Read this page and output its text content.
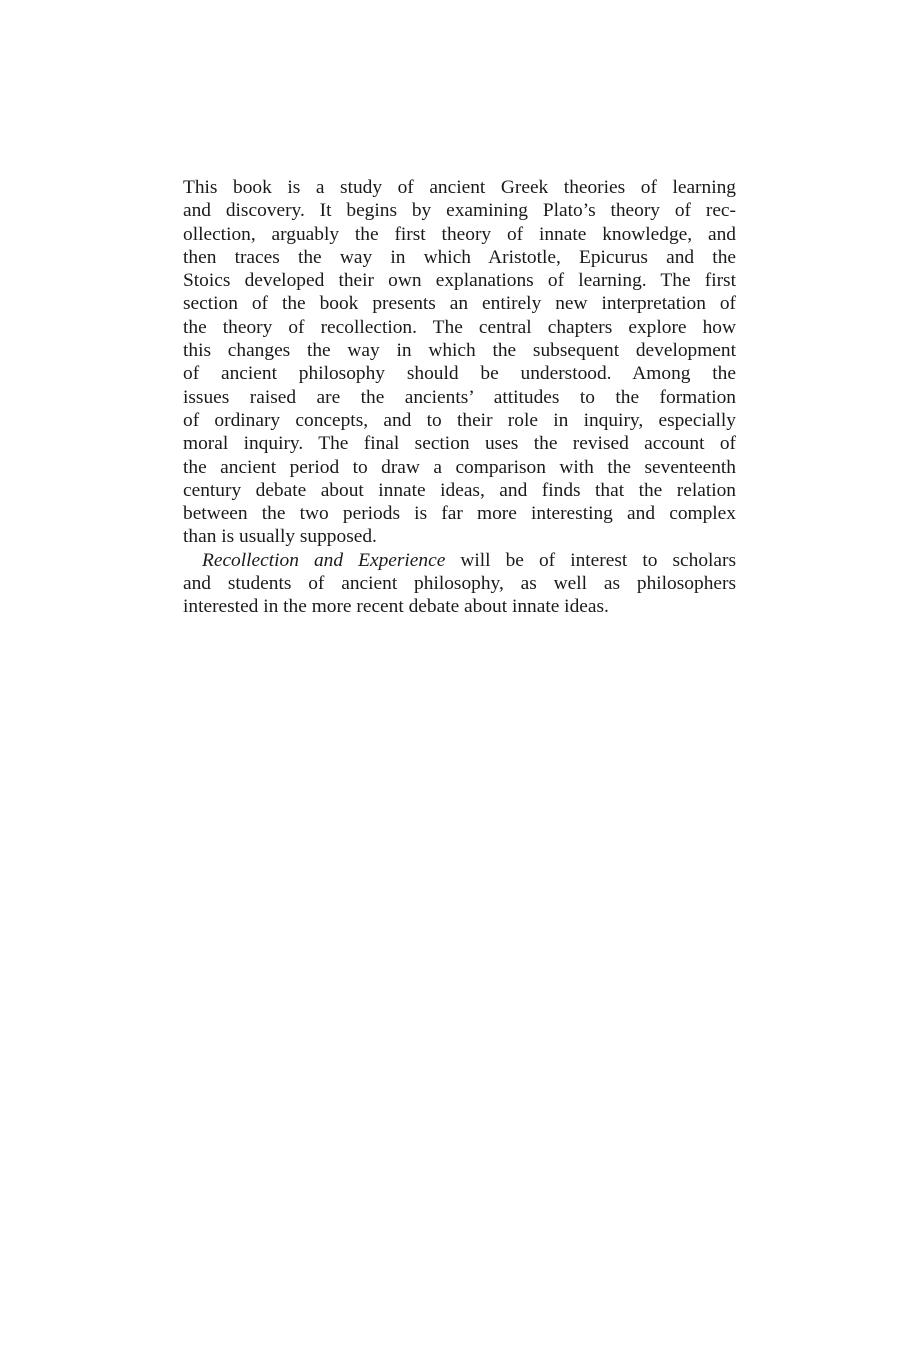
This book is a study of ancient Greek theories of learning
and discovery. It begins by examining Plato’s theory of rec-
ollection, arguably the first theory of innate knowledge, and
then traces the way in which Aristotle, Epicurus and the
Stoics developed their own explanations of learning. The first
section of the book presents an entirely new interpretation of
the theory of recollection. The central chapters explore how
this changes the way in which the subsequent development
of ancient philosophy should be understood. Among the
issues raised are the ancients’ attitudes to the formation
of ordinary concepts, and to their role in inquiry, especially
moral inquiry. The final section uses the revised account of
the ancient period to draw a comparison with the seventeenth
century debate about innate ideas, and finds that the relation
between the two periods is far more interesting and complex
than is usually supposed.
Recollection and Experience will be of interest to scholars
and students of ancient philosophy, as well as philosophers
interested in the more recent debate about innate ideas.
